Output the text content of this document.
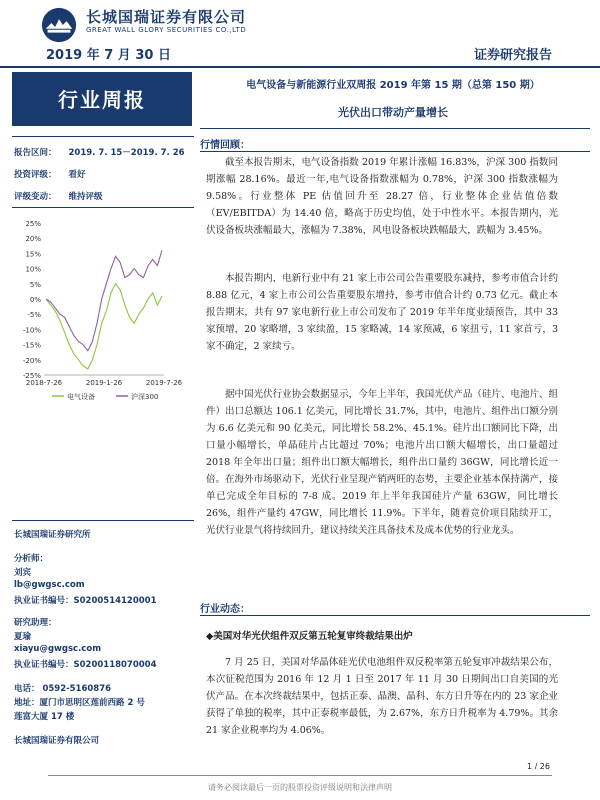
长城国瑞证券有限公司
GREAT WALL GLORY SECURITIES CO.,LTD
2019 年 7 月 30 日	证券研究报告
行业周报
电气设备与新能源行业双周报 2019 年第 15 期（总第 150 期）
光伏出口带动产量增长
报告区间： 2019. 7. 15－2019. 7. 26
投资评级： 看好
评级变动： 维持评级
25%
20%
15%
10%
5%
0%
-5%
-10%
-15%
-20%
-25%
2018-7-26	2019-1-26	2019-7-26
电气设备	沪深300
长城国瑞证券研究所
分析师：
刘宾
lb@gwgsc.com
执业证书编号：S0200514120001
研究助理：
夏瑜
xiayu@gwgsc.com
执业证书编号：S0200118070004
电话： 0592-5160876
地址：厦门市思明区莲前西路 2 号
莲富大厦 17 楼
长城国瑞证券有限公司
行情回顾：
截至本报告期末，电气设备指数 2019 年累计涨幅 16.83%，沪深 300 指数同期涨幅 28.16%。最近一年,电气设备指数涨幅为 0.78%，沪深 300 指数涨幅为 9.58%。行业整体 PE 估值回升至 28.27 倍，行业整体企业估值倍数（EV/EBITDA）为 14.40 倍，略高于历史均值，处于中性水平。本报告期内，光伏设备板块涨幅最大，涨幅为 7.38%，风电设备板块跌幅最大，跌幅为 3.45%。
本报告期内，电新行业中有 21 家上市公司公告重要股东减持，参考市值合计约 8.88 亿元，4 家上市公司公告重要股东增持，参考市值合计约 0.73 亿元。截止本报告期末，共有 97 家电新行业上市公司发布了 2019 年半年度业绩预告，其中 33 家预增，20 家略增，3 家续盈，15 家略减，14 家预减，6 家扭亏，11 家首亏，3 家不确定，2 家续亏。
据中国光伏行业协会数据显示，今年上半年，我国光伏产品（硅片、电池片、组件）出口总额达 106.1 亿美元，同比增长 31.7%，其中，电池片、组件出口额分别为 6.6 亿美元和 90 亿美元，同比增长 58.2%、45.1%。硅片出口额同比下降，出口量小幅增长，单晶硅片占比超过 70%；电池片出口额大幅增长，出口量超过 2018 年全年出口量；组件出口额大幅增长，组件出口量约 36GW，同比增长近一倍。在海外市场驱动下，光伏行业呈现产销两旺的态势，主要企业基本保持满产，接单已完成全年目标的 7-8 成。2019 年上半年我国硅片产量 63GW，同比增长 26%，组件产量约 47GW，同比增长 11.9%。下半年，随着竞价项目陆续开工，光伏行业景气将持续回升，建议持续关注具备技术及成本优势的行业龙头。
行业动态：
◆美国对华光伏组件双反第五轮复审终裁结果出炉
7 月 25 日，美国对华晶体硅光伏电池组件双反税率第五轮复审冲裁结果公布，本次征税范围为 2016 年 12 月 1 日至 2017 年 11 月 30 日期间出口自美国的光伏产品。在本次终裁结果中，包括正泰、晶澳、晶科、东方日升等在内的 23 家企业获得了单独的税率，其中正泰税率最低，为 2.67%，东方日升税率为 4.79%。其余 21 家企业税率均为 4.06%。
1 / 26
请务必阅读最后一页的股票投资评级说明和法律声明
